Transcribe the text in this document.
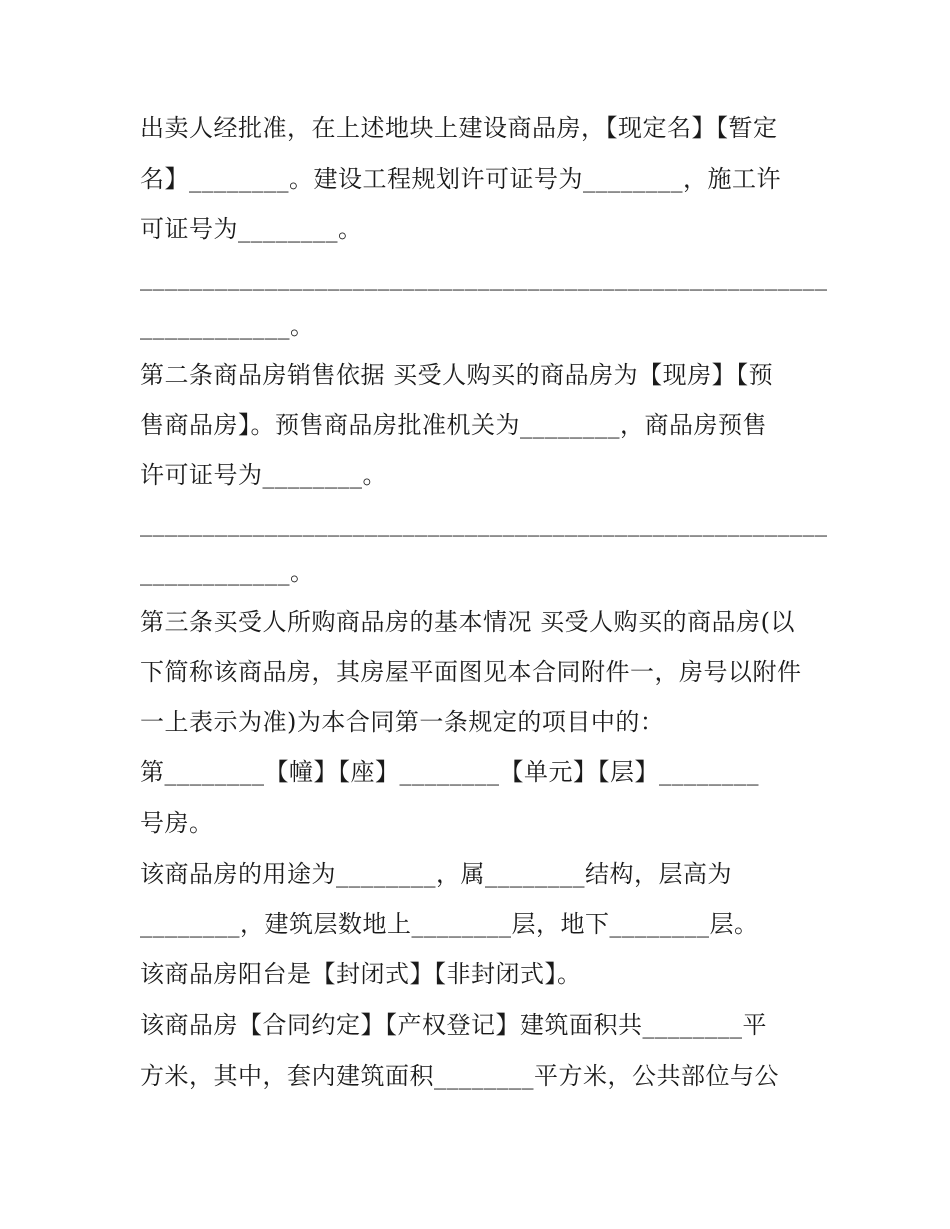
出卖人经批准，在上述地块上建设商品房，【现定名】【暂定
名】________。建设工程规划许可证号为________，施工许
可证号为________。
_______________________________________________________
____________。
第二条商品房销售依据 买受人购买的商品房为【现房】【预
售商品房】。预售商品房批准机关为________，商品房预售
许可证号为________。
_______________________________________________________
____________。
第三条买受人所购商品房的基本情况 买受人购买的商品房(以
下简称该商品房，其房屋平面图见本合同附件一，房号以附件
一上表示为准)为本合同第一条规定的项目中的：
第________【幢】【座】________【单元】【层】________
号房。
该商品房的用途为________，属________结构，层高为
________，建筑层数地上________层，地下________层。
该商品房阳台是【封闭式】【非封闭式】。
该商品房【合同约定】【产权登记】建筑面积共________平
方米，其中，套内建筑面积________平方米，公共部位与公
